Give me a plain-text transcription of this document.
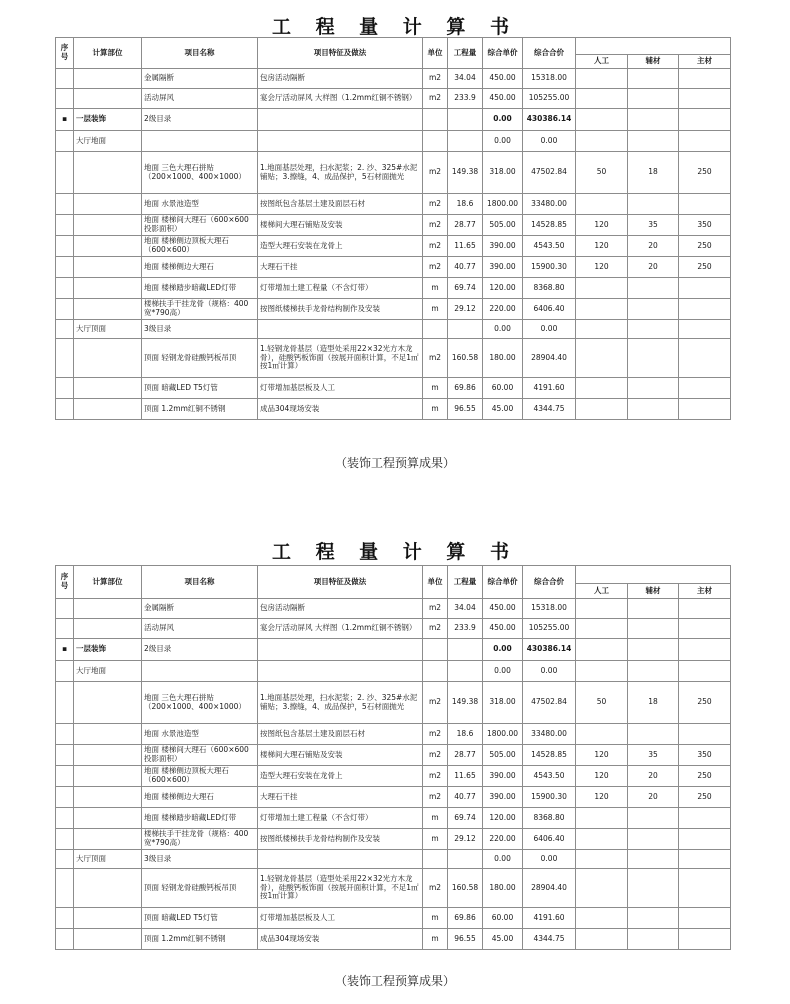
工 程 量 计 算 书
序号	计算部位	项目名称	项目特征及做法	单位	工程量	综合单价	综合合价			
								人工	辅材	主材
		金属隔断	包房活动隔断	m2	34.04	450.00	15318.00			
		活动屏风	宴会厅活动屏风 大样图（1.2mm红铜不锈钢）	m2	233.9	450.00	105255.00			
▪	一层装饰	2级目录				0.00	430386.14			
	大厅地面					0.00	0.00			
		地面 三色大理石拼贴（200×1000、400×1000）	1.地面基层处理，扫水泥浆；2. 沙、325#水泥铺贴；3.擦缝，4、成品保护，5石材面抛光	m2	149.38	318.00	47502.84	50	18	250
		地面 水景池造型	按图纸包含基层土建及面层石材	m2	18.6	1800.00	33480.00			
		地面 楼梯间大理石（600×600投影面积）	楼梯间大理石铺贴及安装	m2	28.77	505.00	14528.85	120	35	350
		地面 楼梯侧边顶板大理石（600×600）	造型大理石安装在龙骨上	m2	11.65	390.00	4543.50	120	20	250
		地面 楼梯侧边大理石	大理石干挂	m2	40.77	390.00	15900.30	120	20	250
		地面 楼梯踏步暗藏LED灯带	灯带增加土建工程量（不含灯带）	m	69.74	120.00	8368.80			
		楼梯扶手干挂龙骨（规格：400宽*790高）	按图纸楼梯扶手龙骨结构制作及安装	m	29.12	220.00	6406.40			
	大厅顶面	3级目录				0.00	0.00			
		顶面 轻钢龙骨硅酸钙板吊顶	1.轻钢龙骨基层（造型处采用22×32光方木龙骨），硅酸钙板饰面（按展开面积计算，不足1㎡按1㎡计算）	m2	160.58	180.00	28904.40			
		顶面 暗藏LED T5灯管	灯带增加基层板及人工	m	69.86	60.00	4191.60			
		顶面 1.2mm红铜不锈钢	成品304现场安装	m	96.55	45.00	4344.75			
（装饰工程预算成果）
工 程 量 计 算 书
序号	计算部位	项目名称	项目特征及做法	单位	工程量	综合单价	综合合价			
								人工	辅材	主材
		金属隔断	包房活动隔断	m2	34.04	450.00	15318.00			
		活动屏风	宴会厅活动屏风 大样图（1.2mm红铜不锈钢）	m2	233.9	450.00	105255.00			
▪	一层装饰	2级目录				0.00	430386.14			
	大厅地面					0.00	0.00			
		地面 三色大理石拼贴（200×1000、400×1000）	1.地面基层处理，扫水泥浆；2. 沙、325#水泥铺贴；3.擦缝，4、成品保护，5石材面抛光	m2	149.38	318.00	47502.84	50	18	250
		地面 水景池造型	按图纸包含基层土建及面层石材	m2	18.6	1800.00	33480.00			
		地面 楼梯间大理石（600×600投影面积）	楼梯间大理石铺贴及安装	m2	28.77	505.00	14528.85	120	35	350
		地面 楼梯侧边顶板大理石（600×600）	造型大理石安装在龙骨上	m2	11.65	390.00	4543.50	120	20	250
		地面 楼梯侧边大理石	大理石干挂	m2	40.77	390.00	15900.30	120	20	250
		地面 楼梯踏步暗藏LED灯带	灯带增加土建工程量（不含灯带）	m	69.74	120.00	8368.80			
		楼梯扶手干挂龙骨（规格：400宽*790高）	按图纸楼梯扶手龙骨结构制作及安装	m	29.12	220.00	6406.40			
	大厅顶面	3级目录				0.00	0.00			
		顶面 轻钢龙骨硅酸钙板吊顶	1.轻钢龙骨基层（造型处采用22×32光方木龙骨），硅酸钙板饰面（按展开面积计算，不足1㎡按1㎡计算）	m2	160.58	180.00	28904.40			
		顶面 暗藏LED T5灯管	灯带增加基层板及人工	m	69.86	60.00	4191.60			
		顶面 1.2mm红铜不锈钢	成品304现场安装	m	96.55	45.00	4344.75			
（装饰工程预算成果）
